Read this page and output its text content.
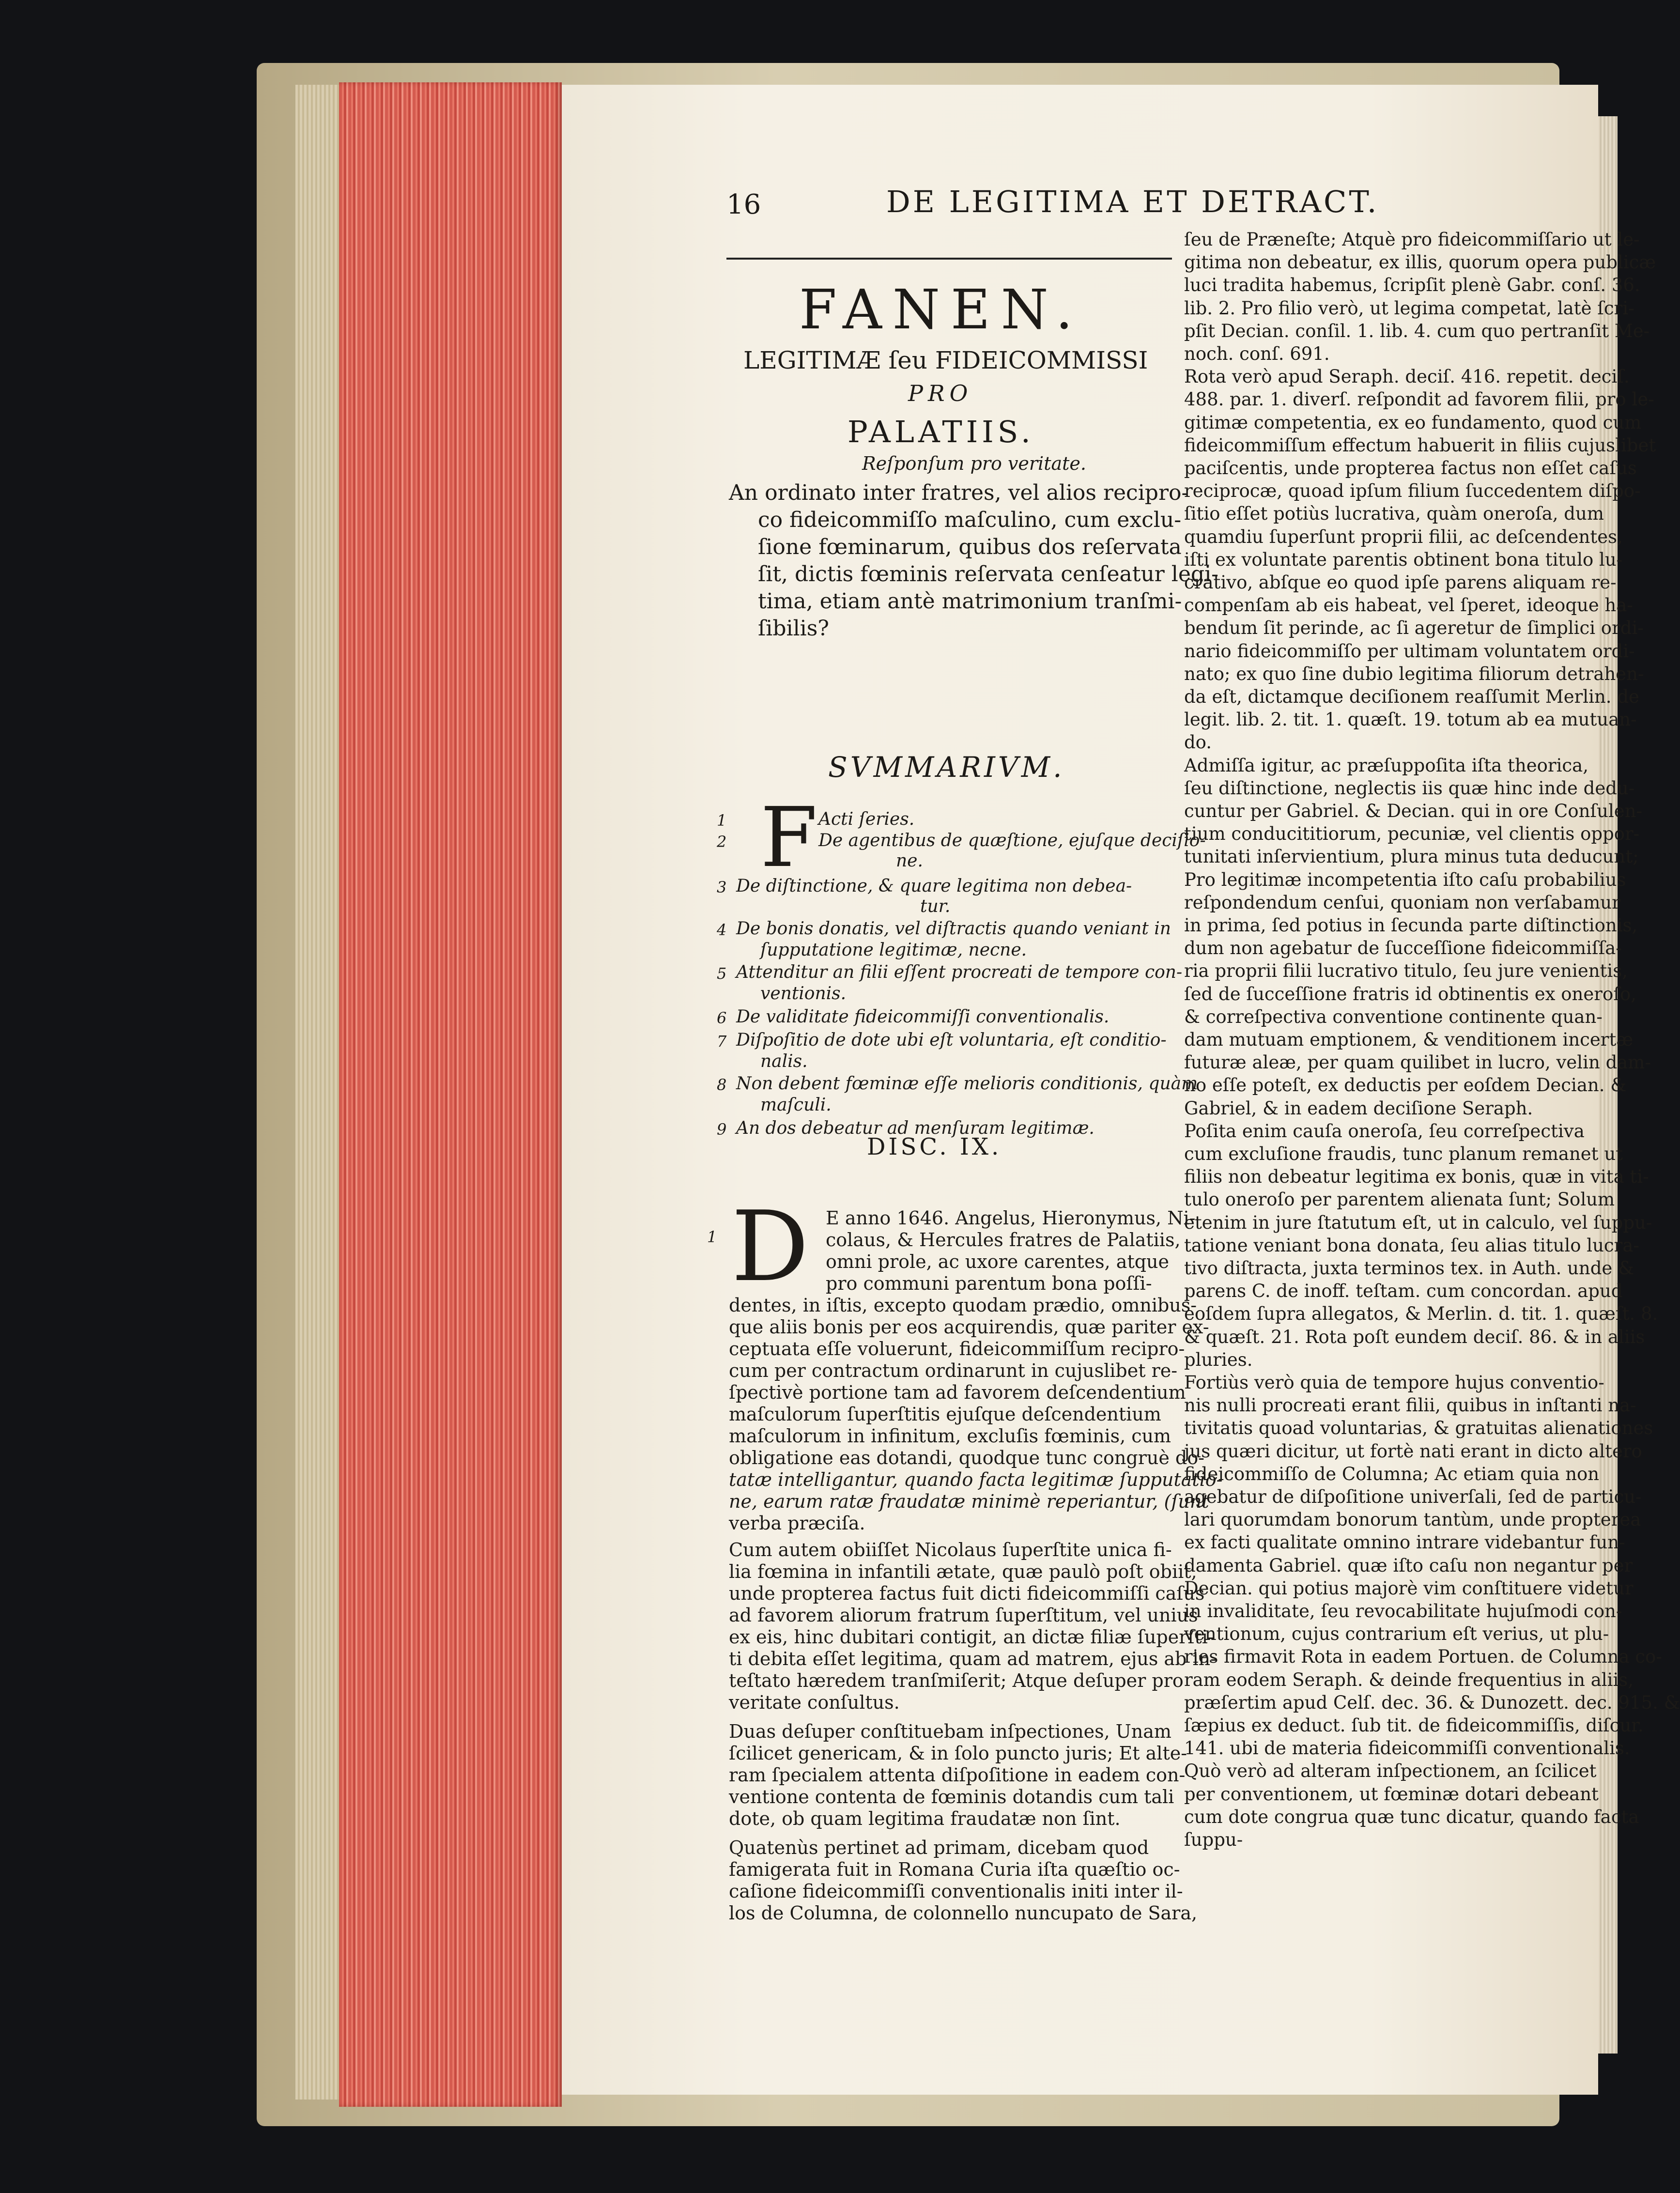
16	DE LEGITIMA ET DETRACT.
FANEN.
LEGITIMÆ ſeu FIDEICOMMISSI
PRO
PALATIIS.
Reſponſum pro veritate.
An ordinato inter fratres, vel alios recipro-
co fideicommiſſo maſculino, cum exclu-
ſione fœminarum, quibus dos reſervata
ſit, dictis fœminis reſervata cenſeatur legi-
tima, etiam antè matrimonium tranſmi-
ſibilis?
SVMMARIVM.
F
1	Acti ſeries.
2	De agentibus de quæſtione, ejuſque deciſio-
ne.
3 De diſtinctione, & quare legitima non debea-
tur.
4 De bonis donatis, vel diſtractis quando veniant in
ſupputatione legitimæ, necne.
5 Attenditur an filii eſſent procreati de tempore con-
ventionis.
6 De validitate fideicommiſſi conventionalis.
7 Diſpoſitio de dote ubi eſt voluntaria, eſt conditio-
nalis.
8 Non debent fœminæ eſſe melioris conditionis, quàm
maſculi.
9 An dos debeatur ad menſuram legitimæ.
DISC. IX.
1 D E anno 1646. Angelus, Hieronymus, Ni-
colaus, & Hercules fratres de Palatiis,
omni prole, ac uxore carentes, atque
pro communi parentum bona poſſi-
dentes, in iſtis, excepto quodam prædio, omnibus-
que aliis bonis per eos acquirendis, quæ pariter ex-
ceptuata eſſe voluerunt, fideicommiſſum recipro-
cum per contractum ordinarunt in cujuslibet re-
ſpectivè portione tam ad favorem deſcendentium
maſculorum ſuperſtitis ejuſque deſcendentium
maſculorum in infinitum, excluſis fœminis, cum
obligatione eas dotandi, quodque tunc congruè do-
tatæ intelligantur, quando facta legitimæ ſupputatio-
ne, earum ratæ fraudatæ minimè reperiantur, (ſunt
verba præciſa.
Cum autem obiiſſet Nicolaus ſuperſtite unica fi-
lia fœmina in infantili ætate, quæ paulò poſt obiit,
unde propterea factus fuit dicti fideicommiſſi caſus
ad favorem aliorum fratrum ſuperſtitum, vel unius
ex eis, hinc dubitari contigit, an dictæ filiæ ſuperſti-
ti debita eſſet legitima, quam ad matrem, ejus ab in-
teſtato hæredem tranſmiſerit; Atque deſuper pro
veritate conſultus.
Duas deſuper conſtituebam inſpectiones, Unam
ſcilicet genericam, & in ſolo puncto juris; Et alte-
ram ſpecialem attenta diſpoſitione in eadem con-
ventione contenta de fœminis dotandis cum tali
dote, ob quam legitima fraudatæ non ſint.
Quatenùs pertinet ad primam, dicebam quod
famigerata fuit in Romana Curia iſta quæſtio oc-
caſione fideicommiſſi conventionalis initi inter il-
los de Columna, de colonnello nuncupato de Sara,
ſeu de Præneſte; Atquè pro fideicommiſſario ut le-
gitima non debeatur, ex illis, quorum opera publicæ
luci tradita habemus, ſcripſit plenè Gabr. conſ. 36.
lib. 2. Pro filio verò, ut legima competat, latè ſcri-
pſit Decian. conſil. 1. lib. 4. cum quo pertranſit Me-
noch. conſ. 691.
Rota verò apud Seraph. deciſ. 416. repetit. deciſ.
488. par. 1. diverſ. reſpondit ad favorem filii, pro le-
gitimæ competentia, ex eo fundamento, quod cum
fideicommiſſum effectum habuerit in filiis cujuslibet
paciſcentis, unde propterea factus non eſſet caſus
reciprocæ, quoad ipſum filium ſuccedentem diſpo-
ſitio eſſet potiùs lucrativa, quàm oneroſa, dum
quamdiu ſuperſunt proprii filii, ac deſcendentes,
iſti ex voluntate parentis obtinent bona titulo lu-
crativo, abſque eo quod ipſe parens aliquam re-
compenſam ab eis habeat, vel ſperet, ideoque ha-
bendum ſit perinde, ac ſi ageretur de ſimplici ordi-
nario fideicommiſſo per ultimam voluntatem ordi-
nato; ex quo ſine dubio legitima filiorum detrahen-
da eſt, dictamque deciſionem reaſſumit Merlin. de
legit. lib. 2. tit. 1. quæſt. 19. totum ab ea mutuan-
do.
Admiſſa igitur, ac præſuppoſita iſta theorica,
ſeu diſtinctione, neglectis iis quæ hinc inde dedu-
cuntur per Gabriel. & Decian. qui in ore Conſulen-
tium conducititiorum, pecuniæ, vel clientis oppor-
tunitati inſervientium, plura minus tuta deducunt;
Pro legitimæ incompetentia iſto caſu probabilius
reſpondendum cenſui, quoniam non verſabamur
in prima, ſed potius in ſecunda parte diſtinctionis,
dum non agebatur de ſucceſſione fideicommiſſa-
ria proprii filii lucrativo titulo, ſeu jure venientis,
ſed de ſucceſſione fratris id obtinentis ex oneroſo,
& correſpectiva conventione continente quan-
dam mutuam emptionem, & venditionem incertæ
futuræ aleæ, per quam quilibet in lucro, velin dam-
no eſſe poteſt, ex deductis per eoſdem Decian. &
Gabriel, & in eadem deciſione Seraph.
Poſita enim cauſa oneroſa, ſeu correſpectiva
cum excluſione fraudis, tunc planum remanet ut
filiis non debeatur legitima ex bonis, quæ in vita ti-
tulo oneroſo per parentem alienata ſunt; Solum
etenim in jure ſtatutum eſt, ut in calculo, vel ſuppu-
tatione veniant bona donata, ſeu alias titulo lucra-
tivo diſtracta, juxta terminos tex. in Auth. unde &
parens C. de inoff. teſtam. cum concordan. apud
eoſdem ſupra allegatos, & Merlin. d. tit. 1. quæſt. 8.
& quæſt. 21. Rota poſt eundem deciſ. 86. & in aliis
pluries.
Fortiùs verò quia de tempore hujus conventio-
nis nulli procreati erant filii, quibus in inſtanti na-
tivitatis quoad voluntarias, & gratuitas alienationes
jus quæri dicitur, ut fortè nati erant in dicto altero
fideicommiſſo de Columna; Ac etiam quia non
agebatur de diſpoſitione univerſali, ſed de particu-
lari quorumdam bonorum tantùm, unde propterea
ex facti qualitate omnino intrare videbantur fun-
damenta Gabriel. quæ iſto caſu non negantur per
Decian. qui potius majorè vim conſtituere videtur
in invaliditate, ſeu revocabilitate hujuſmodi con-
ventionum, cujus contrarium eſt verius, ut plu-
ries firmavit Rota in eadem Portuen. de Columna co-
ram eodem Seraph. & deinde frequentius in aliis,
præſertim apud Celſ. dec. 36. & Dunozett. dec. 915. &
ſæpius ex deduct. ſub tit. de fideicommiſſis, diſcur.
141. ubi de materia fideicommiſſi conventionalis.
Quò verò ad alteram inſpectionem, an ſcilicet
per conventionem, ut fœminæ dotari debeant
cum dote congrua quæ tunc dicatur, quando facta
ſuppu-
